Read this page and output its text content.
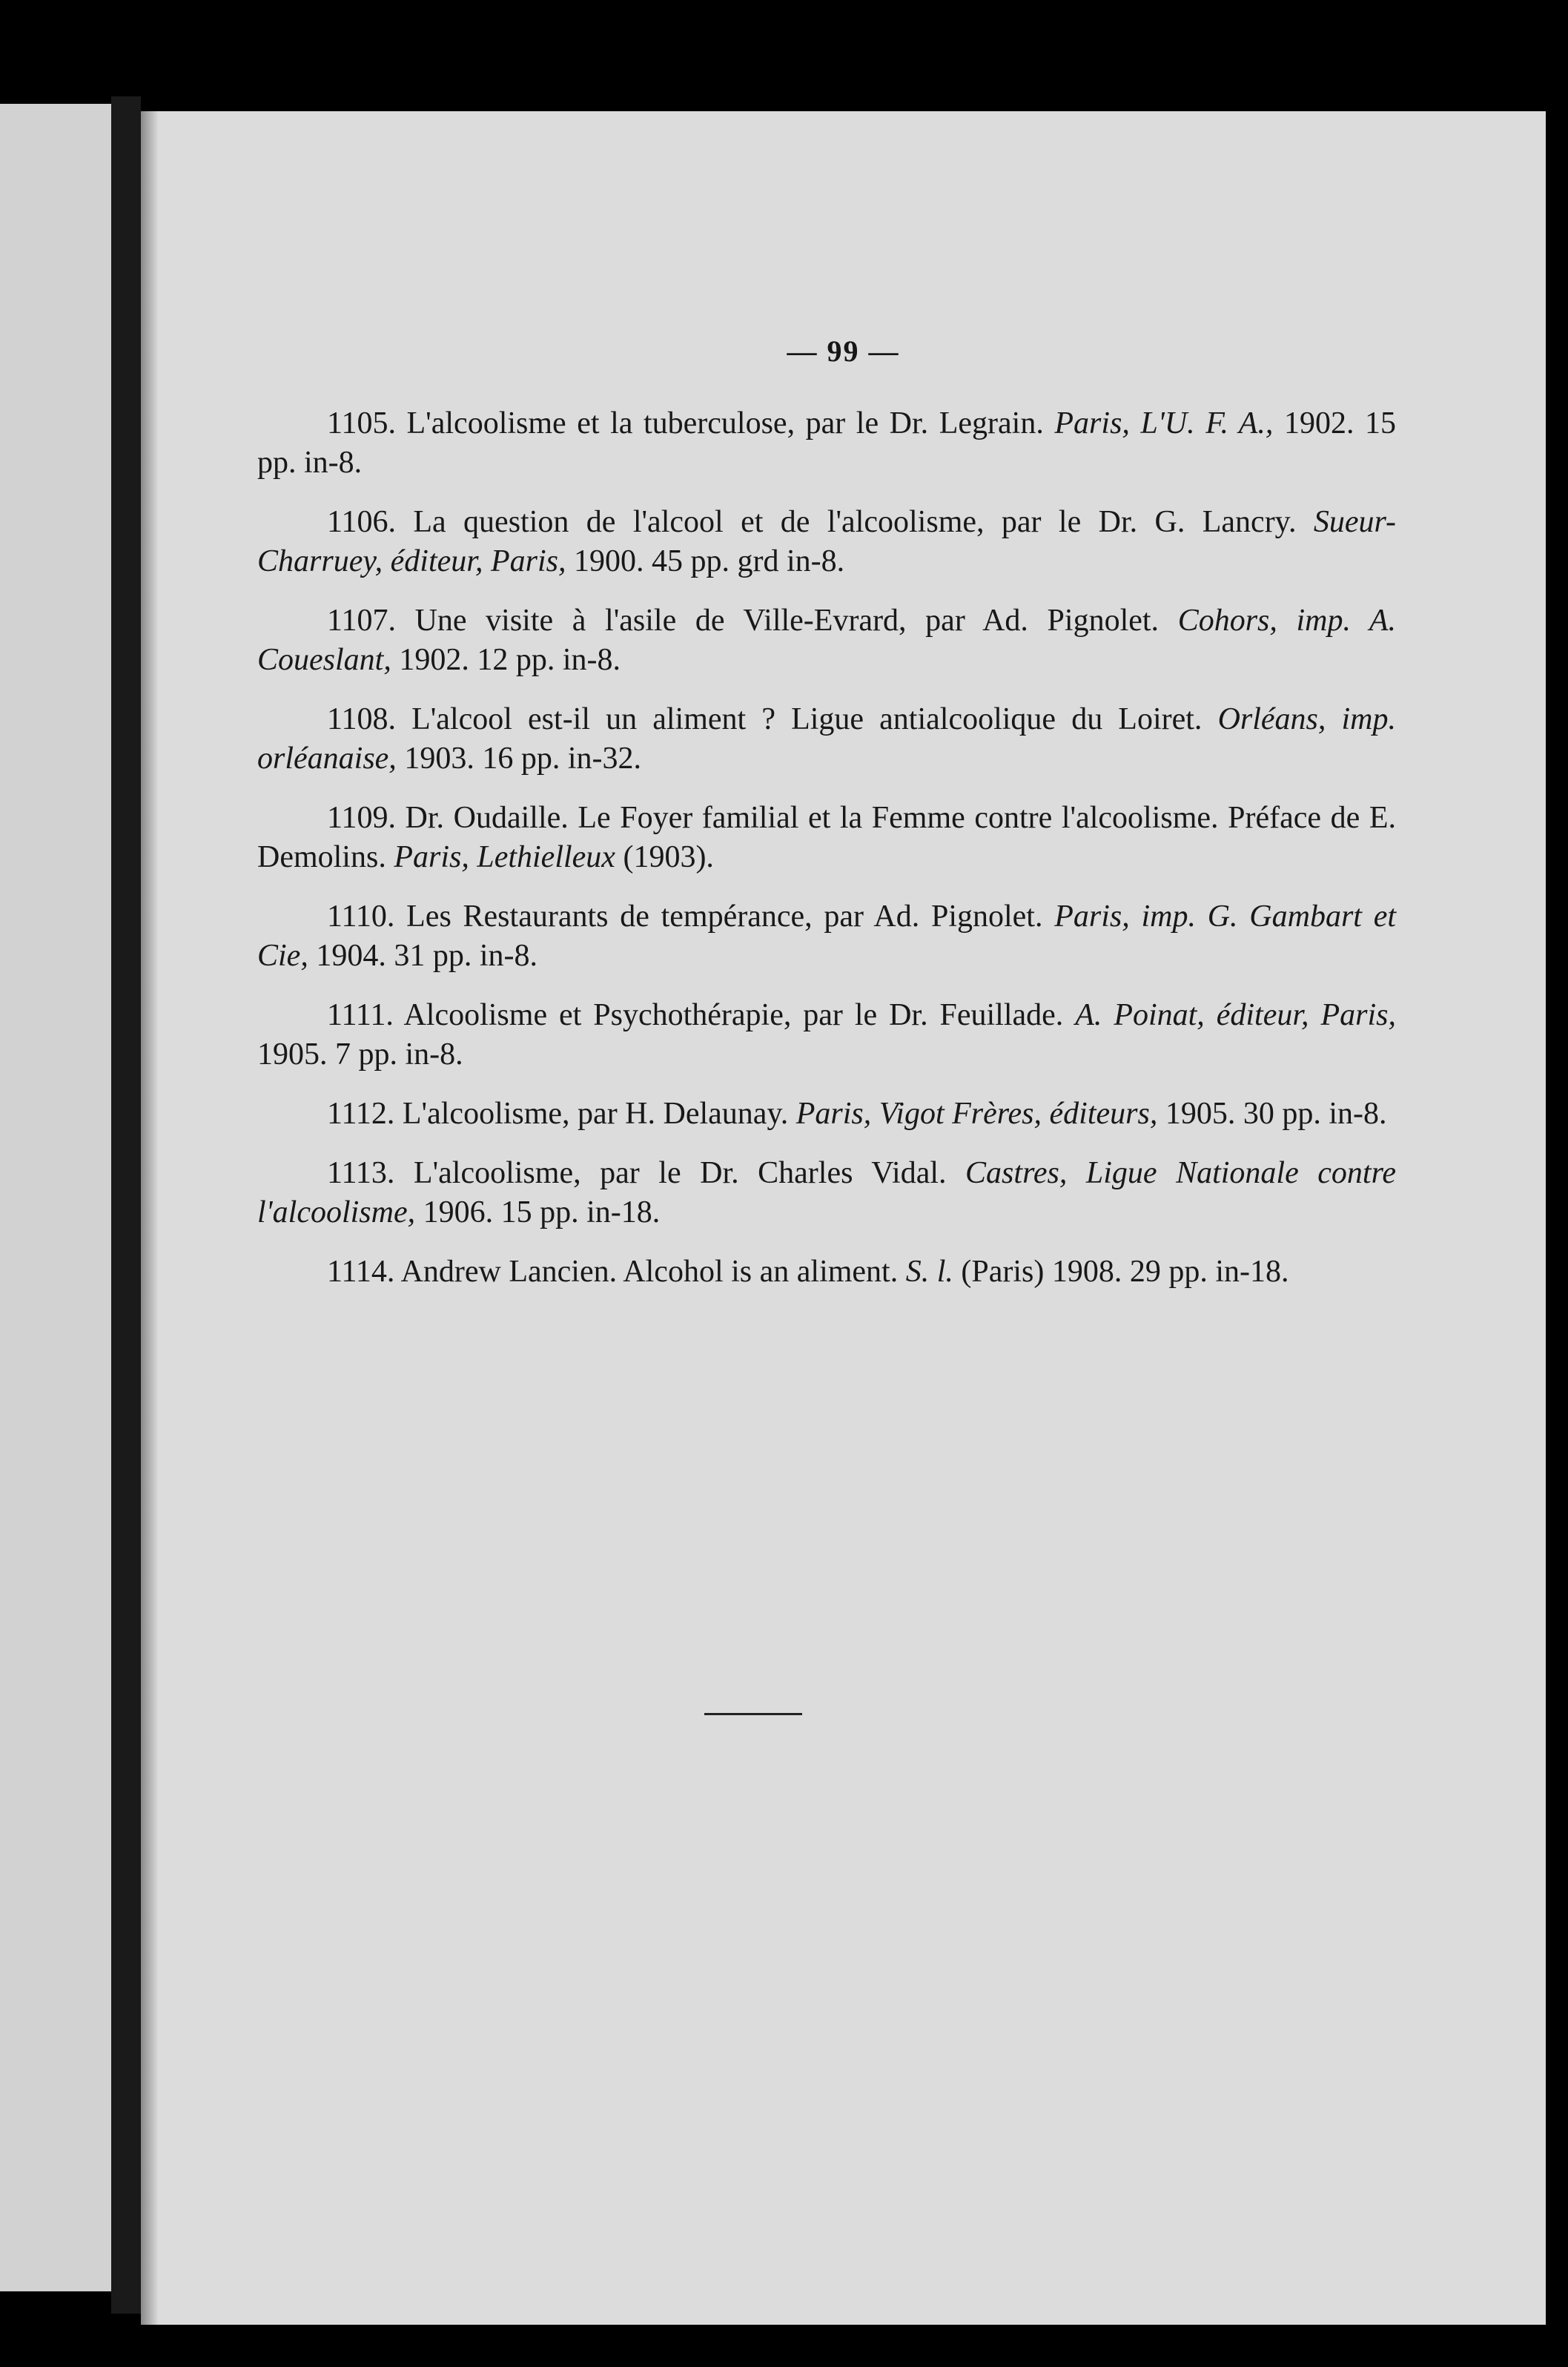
— 99 —
1105. L'alcoolisme et la tuberculose, par le Dr. Legrain. Paris, L'U. F. A., 1902. 15 pp. in-8.
1106. La question de l'alcool et de l'alcoolisme, par le Dr. G. Lancry. Sueur-Charruey, éditeur, Paris, 1900. 45 pp. grd in-8.
1107. Une visite à l'asile de Ville-Evrard, par Ad. Pignolet. Cohors, imp. A. Coueslant, 1902. 12 pp. in-8.
1108. L'alcool est-il un aliment ? Ligue antialcoolique du Loiret. Orléans, imp. orléanaise, 1903. 16 pp. in-32.
1109. Dr. Oudaille. Le Foyer familial et la Femme contre l'alcoolisme. Préface de E. Demolins. Paris, Lethielleux (1903).
1110. Les Restaurants de tempérance, par Ad. Pignolet. Paris, imp. G. Gambart et Cie, 1904. 31 pp. in-8.
1111. Alcoolisme et Psychothérapie, par le Dr. Feuillade. A. Poinat, éditeur, Paris, 1905. 7 pp. in-8.
1112. L'alcoolisme, par H. Delaunay. Paris, Vigot Frères, éditeurs, 1905. 30 pp. in-8.
1113. L'alcoolisme, par le Dr. Charles Vidal. Castres, Ligue Nationale contre l'alcoolisme, 1906. 15 pp. in-18.
1114. Andrew Lancien. Alcohol is an aliment. S. l. (Paris) 1908. 29 pp. in-18.
